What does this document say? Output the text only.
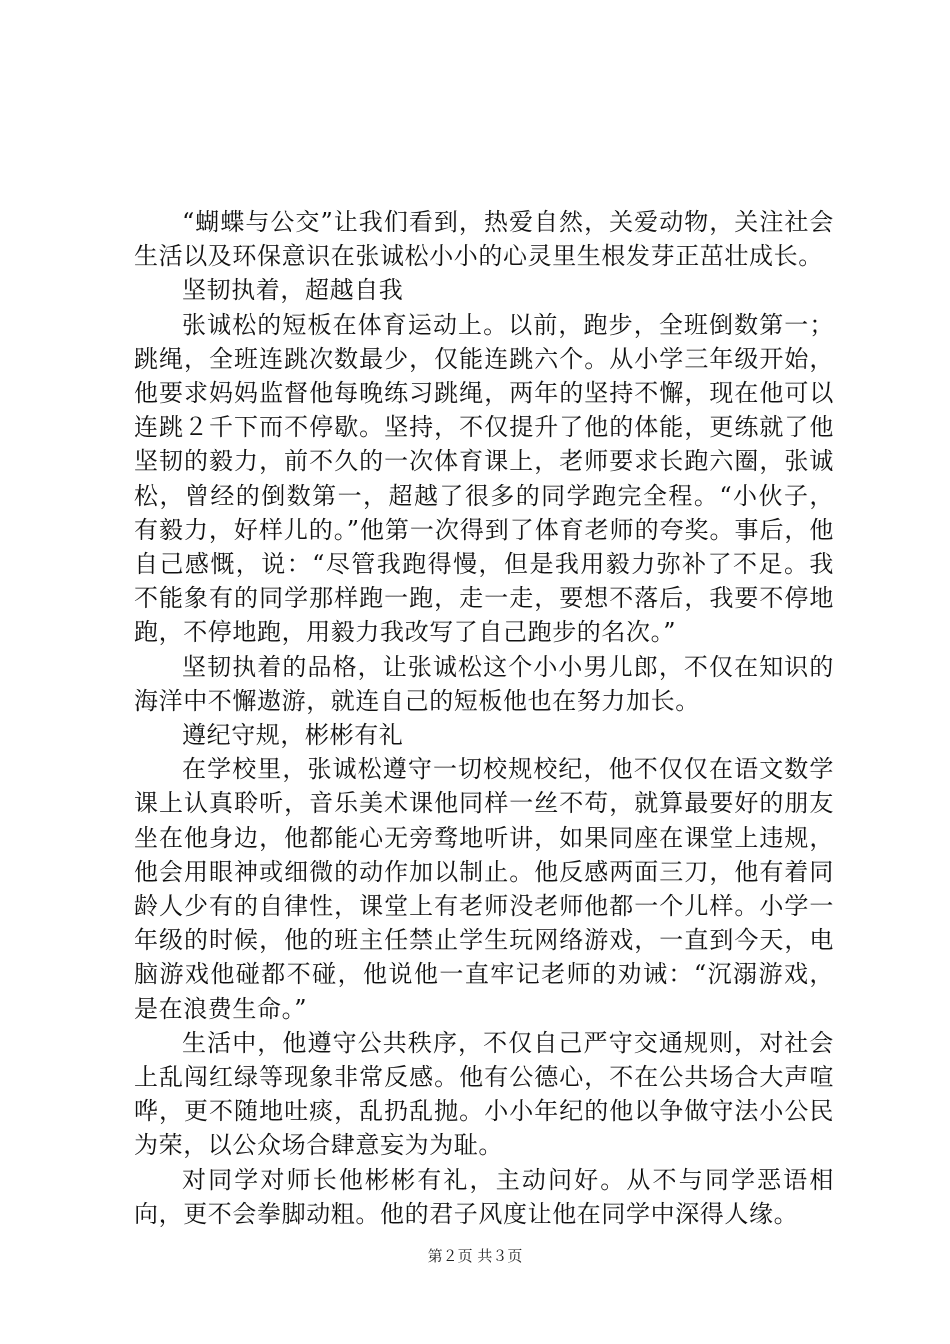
“蝴蝶与公交”让我们看到，热爱自然，关爱动物，关注社会生活以及环保意识在张诚松小小的心灵里生根发芽正茁壮成长。

坚韧执着，超越自我

张诚松的短板在体育运动上。以前，跑步，全班倒数第一；跳绳，全班连跳次数最少，仅能连跳六个。从小学三年级开始，他要求妈妈监督他每晚练习跳绳，两年的坚持不懈，现在他可以连跳２千下而不停歇。坚持，不仅提升了他的体能，更练就了他坚韧的毅力，前不久的一次体育课上，老师要求长跑六圈，张诚松，曾经的倒数第一，超越了很多的同学跑完全程。“小伙子，有毅力，好样儿的。”他第一次得到了体育老师的夸奖。事后，他自己感慨，说：“尽管我跑得慢，但是我用毅力弥补了不足。我不能象有的同学那样跑一跑，走一走，要想不落后，我要不停地跑，不停地跑，用毅力我改写了自己跑步的名次。”

坚韧执着的品格，让张诚松这个小小男儿郎，不仅在知识的海洋中不懈遨游，就连自己的短板他也在努力加长。

遵纪守规，彬彬有礼

在学校里，张诚松遵守一切校规校纪，他不仅仅在语文数学课上认真聆听，音乐美术课他同样一丝不苟，就算最要好的朋友坐在他身边，他都能心无旁骛地听讲，如果同座在课堂上违规，他会用眼神或细微的动作加以制止。他反感两面三刀，他有着同龄人少有的自律性，课堂上有老师没老师他都一个儿样。小学一年级的时候，他的班主任禁止学生玩网络游戏，一直到今天，电脑游戏他碰都不碰，他说他一直牢记老师的劝诫：“沉溺游戏，是在浪费生命。”

生活中，他遵守公共秩序，不仅自己严守交通规则，对社会上乱闯红绿等现象非常反感。他有公德心，不在公共场合大声喧哗，更不随地吐痰，乱扔乱抛。小小年纪的他以争做守法小公民为荣，以公众场合肆意妄为为耻。

对同学对师长他彬彬有礼，主动问好。从不与同学恶语相向，更不会拳脚动粗。他的君子风度让他在同学中深得人缘。

第２页 共３页
